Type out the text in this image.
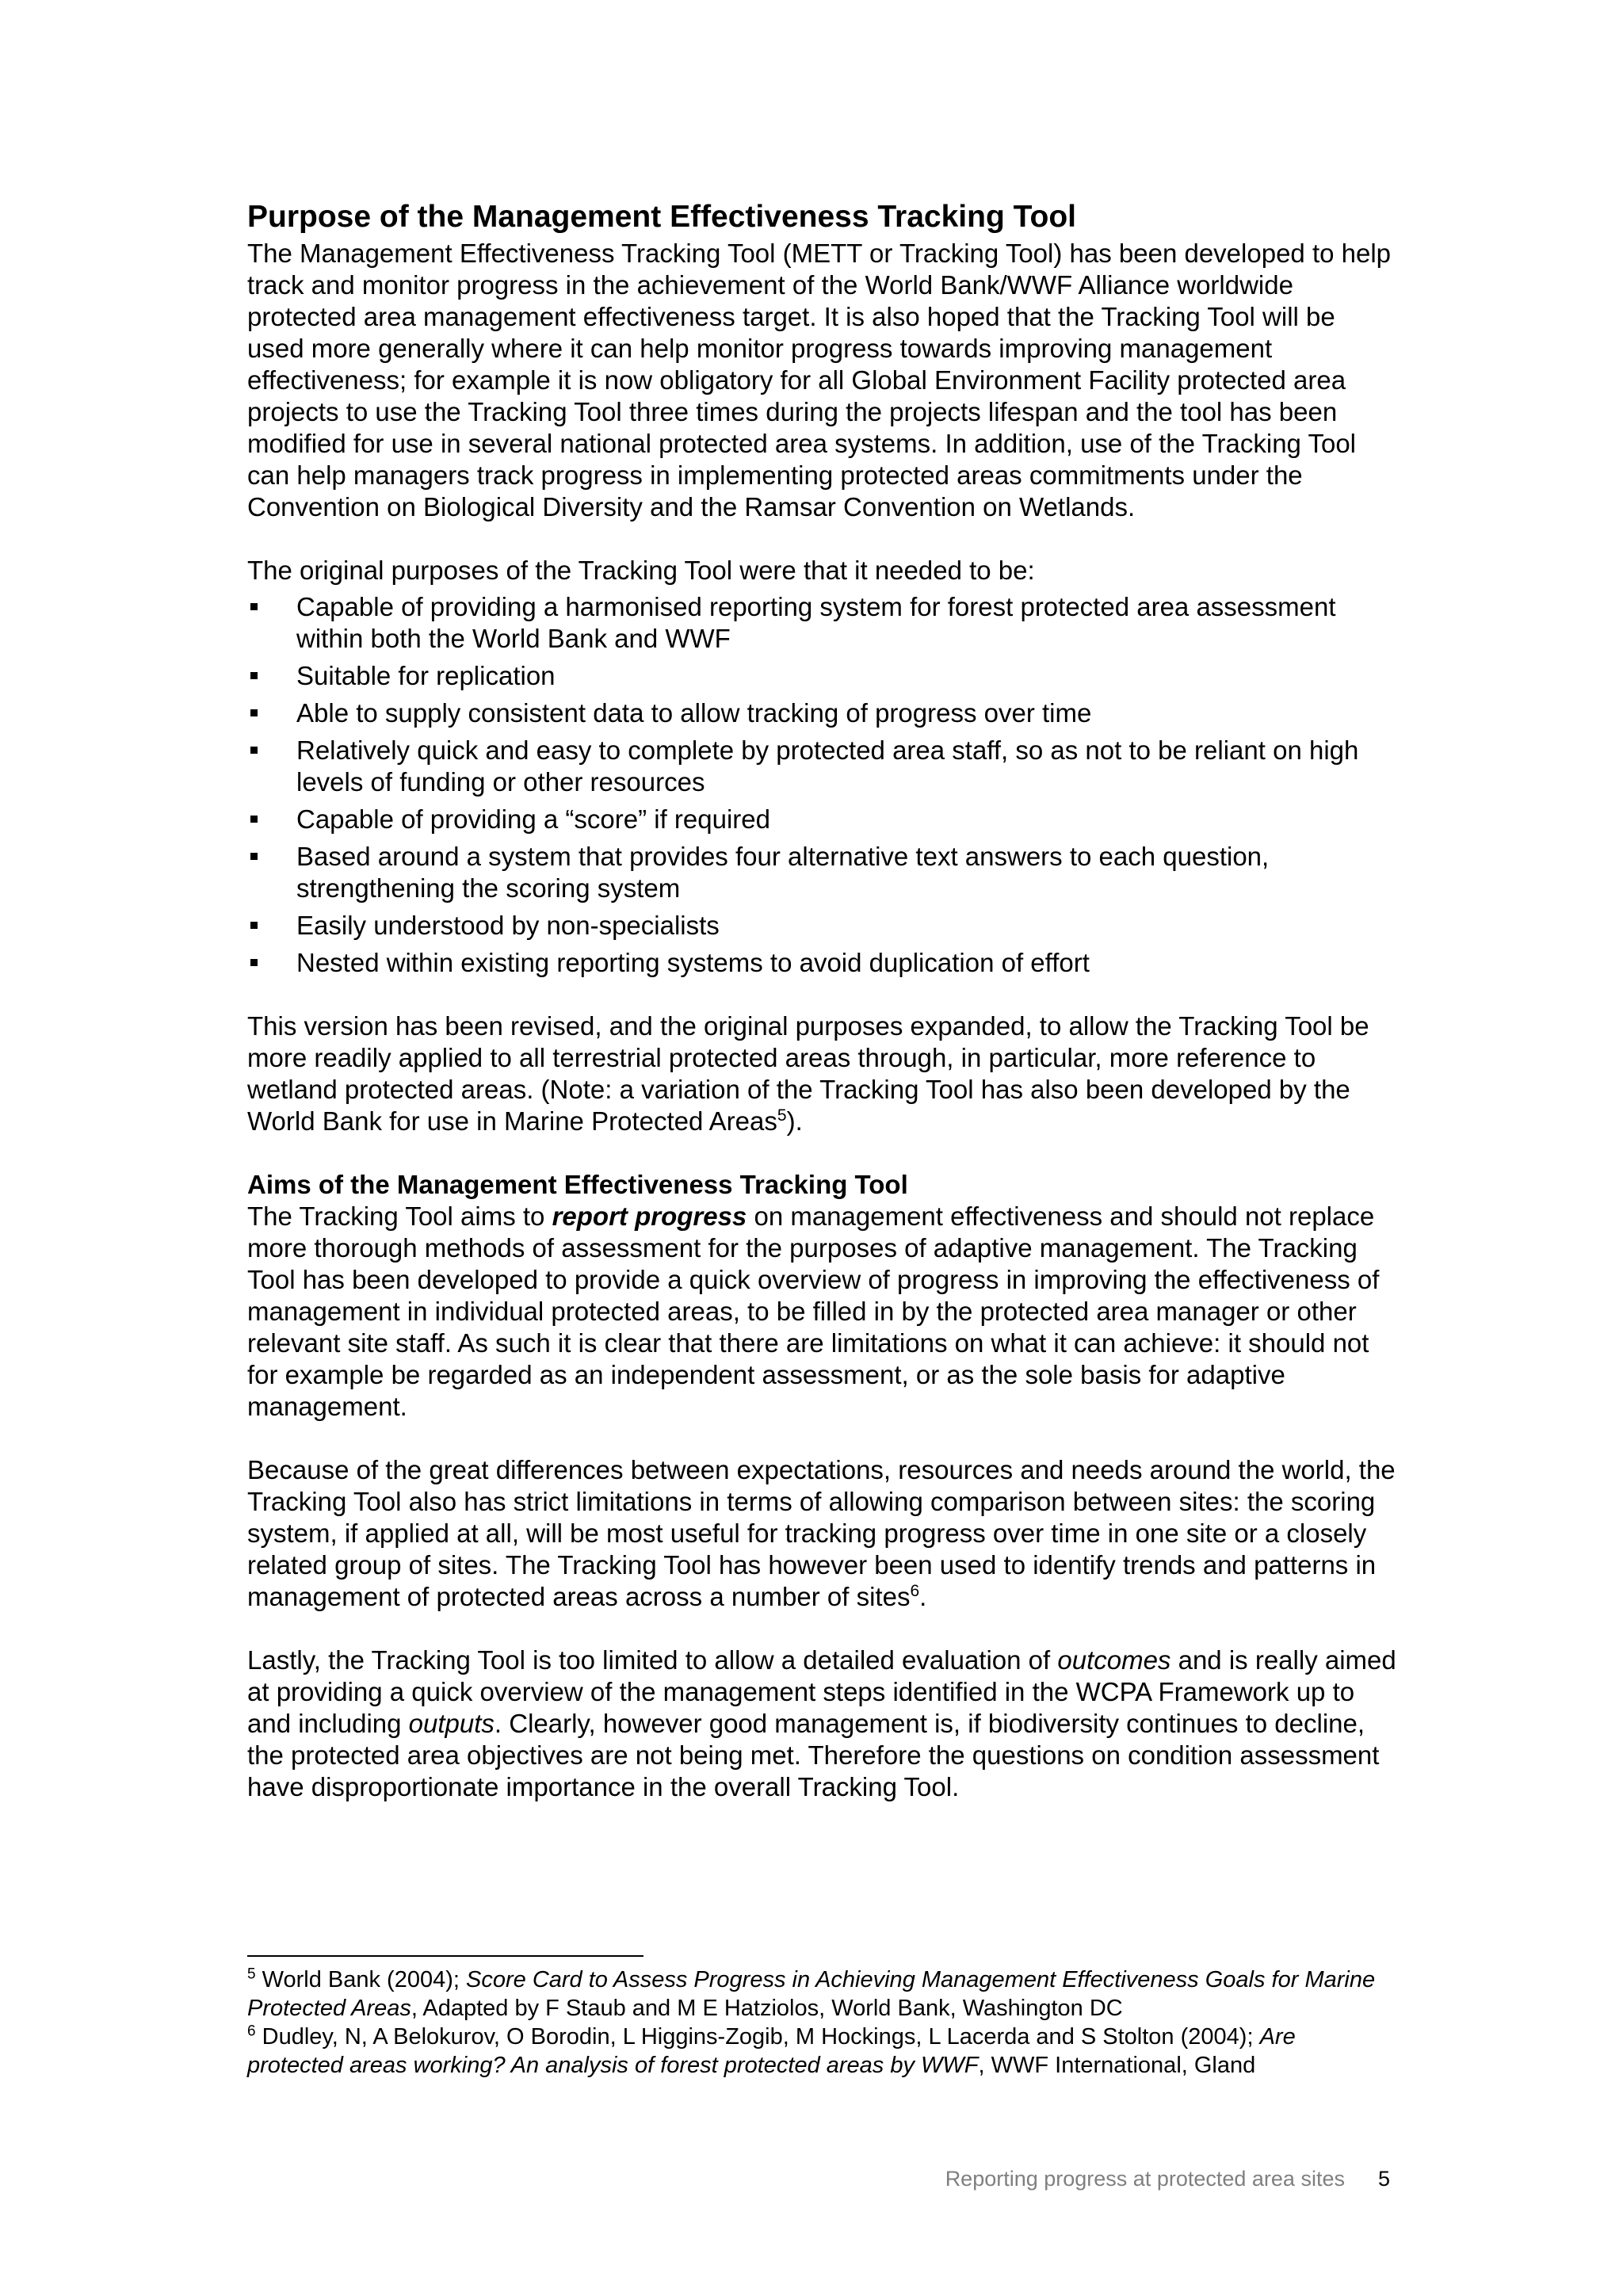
Purpose of the Management Effectiveness Tracking Tool

The Management Effectiveness Tracking Tool (METT or Tracking Tool) has been developed to help track and monitor progress in the achievement of the World Bank/WWF Alliance worldwide protected area management effectiveness target. It is also hoped that the Tracking Tool will be used more generally where it can help monitor progress towards improving management effectiveness; for example it is now obligatory for all Global Environment Facility protected area projects to use the Tracking Tool three times during the projects lifespan and the tool has been modified for use in several national protected area systems. In addition, use of the Tracking Tool can help managers track progress in implementing protected areas commitments under the Convention on Biological Diversity and the Ramsar Convention on Wetlands.

The original purposes of the Tracking Tool were that it needed to be:

Capable of providing a harmonised reporting system for forest protected area assessment within both the World Bank and WWF
Suitable for replication
Able to supply consistent data to allow tracking of progress over time
Relatively quick and easy to complete by protected area staff, so as not to be reliant on high levels of funding or other resources
Capable of providing a “score” if required
Based around a system that provides four alternative text answers to each question, strengthening the scoring system
Easily understood by non-specialists
Nested within existing reporting systems to avoid duplication of effort

This version has been revised, and the original purposes expanded, to allow the Tracking Tool be more readily applied to all terrestrial protected areas through, in particular, more reference to wetland protected areas. (Note: a variation of the Tracking Tool has also been developed by the World Bank for use in Marine Protected Areas$^5$).

Aims of the Management Effectiveness Tracking Tool

The Tracking Tool aims to report progress on management effectiveness and should not replace more thorough methods of assessment for the purposes of adaptive management. The Tracking Tool has been developed to provide a quick overview of progress in improving the effectiveness of management in individual protected areas, to be filled in by the protected area manager or other relevant site staff. As such it is clear that there are limitations on what it can achieve: it should not for example be regarded as an independent assessment, or as the sole basis for adaptive management.

Because of the great differences between expectations, resources and needs around the world, the Tracking Tool also has strict limitations in terms of allowing comparison between sites: the scoring system, if applied at all, will be most useful for tracking progress over time in one site or a closely related group of sites. The Tracking Tool has however been used to identify trends and patterns in management of protected areas across a number of sites$^6$.

Lastly, the Tracking Tool is too limited to allow a detailed evaluation of outcomes and is really aimed at providing a quick overview of the management steps identified in the WCPA Framework up to and including outputs. Clearly, however good management is, if biodiversity continues to decline, the protected area objectives are not being met. Therefore the questions on condition assessment have disproportionate importance in the overall Tracking Tool.

$^5$ World Bank (2004); Score Card to Assess Progress in Achieving Management Effectiveness Goals for Marine Protected Areas, Adapted by F Staub and M E Hatziolos, World Bank, Washington DC
$^6$ Dudley, N, A Belokurov, O Borodin, L Higgins-Zogib, M Hockings, L Lacerda and S Stolton (2004); Are protected areas working? An analysis of forest protected areas by WWF, WWF International, Gland
Reporting progress at protected area sites 5
